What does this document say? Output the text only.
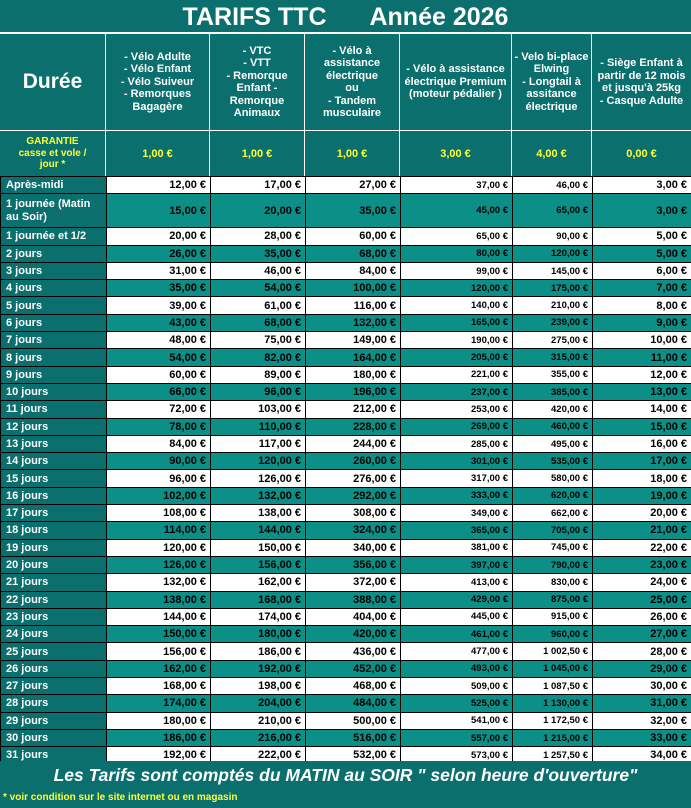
TARIFS TTC Année 2026
Durée
- Vélo Adulte
- Vélo Enfant
- Vélo Suiveur
- Remorques Bagagère
- VTC
- VTT
- Remorque Enfant -
Remorque Animaux
- Vélo à assistance électrique
ou
- Tandem musculaire
- Vélo à assistance électrique Premium
(moteur pédalier )
- Velo bi-place Elwing
- Longtail à assitance électrique
- Siège Enfant à partir de 12 mois et jusqu'à 25kg
- Casque Adulte
GARANTIE
casse et vole /
jour *
1,00 €	1,00 €	1,00 €	3,00 €	4,00 €	0,00 €
Après-midi	12,00 €	17,00 €	27,00 €	37,00 €	46,00 €	3,00 €
1 journée (Matin au Soir)	15,00 €	20,00 €	35,00 €	45,00 €	65,00 €	3,00 €
1 journée et 1/2	20,00 €	28,00 €	60,00 €	65,00 €	90,00 €	5,00 €
2 jours	26,00 €	35,00 €	68,00 €	80,00 €	120,00 €	5,00 €
3 jours	31,00 €	46,00 €	84,00 €	99,00 €	145,00 €	6,00 €
4 jours	35,00 €	54,00 €	100,00 €	120,00 €	175,00 €	7,00 €
5 jours	39,00 €	61,00 €	116,00 €	140,00 €	210,00 €	8,00 €
6 jours	43,00 €	68,00 €	132,00 €	165,00 €	239,00 €	9,00 €
7 jours	48,00 €	75,00 €	149,00 €	190,00 €	275,00 €	10,00 €
8 jours	54,00 €	82,00 €	164,00 €	205,00 €	315,00 €	11,00 €
9 jours	60,00 €	89,00 €	180,00 €	221,00 €	355,00 €	12,00 €
10 jours	66,00 €	96,00 €	196,00 €	237,00 €	385,00 €	13,00 €
11 jours	72,00 €	103,00 €	212,00 €	253,00 €	420,00 €	14,00 €
12 jours	78,00 €	110,00 €	228,00 €	269,00 €	460,00 €	15,00 €
13 jours	84,00 €	117,00 €	244,00 €	285,00 €	495,00 €	16,00 €
14 jours	90,00 €	120,00 €	260,00 €	301,00 €	535,00 €	17,00 €
15 jours	96,00 €	126,00 €	276,00 €	317,00 €	580,00 €	18,00 €
16 jours	102,00 €	132,00 €	292,00 €	333,00 €	620,00 €	19,00 €
17 jours	108,00 €	138,00 €	308,00 €	349,00 €	662,00 €	20,00 €
18 jours	114,00 €	144,00 €	324,00 €	365,00 €	705,00 €	21,00 €
19 jours	120,00 €	150,00 €	340,00 €	381,00 €	745,00 €	22,00 €
20 jours	126,00 €	156,00 €	356,00 €	397,00 €	790,00 €	23,00 €
21 jours	132,00 €	162,00 €	372,00 €	413,00 €	830,00 €	24,00 €
22 jours	138,00 €	168,00 €	388,00 €	429,00 €	875,00 €	25,00 €
23 jours	144,00 €	174,00 €	404,00 €	445,00 €	915,00 €	26,00 €
24 jours	150,00 €	180,00 €	420,00 €	461,00 €	960,00 €	27,00 €
25 jours	156,00 €	186,00 €	436,00 €	477,00 €	1 002,50 €	28,00 €
26 jours	162,00 €	192,00 €	452,00 €	493,00 €	1 045,00 €	29,00 €
27 jours	168,00 €	198,00 €	468,00 €	509,00 €	1 087,50 €	30,00 €
28 jours	174,00 €	204,00 €	484,00 €	525,00 €	1 130,00 €	31,00 €
29 jours	180,00 €	210,00 €	500,00 €	541,00 €	1 172,50 €	32,00 €
30 jours	186,00 €	216,00 €	516,00 €	557,00 €	1 215,00 €	33,00 €
31 jours	192,00 €	222,00 €	532,00 €	573,00 €	1 257,50 €	34,00 €
Les Tarifs sont comptés du MATIN au SOIR " selon heure d'ouverture"
* voir condition sur le site internet ou en magasin
